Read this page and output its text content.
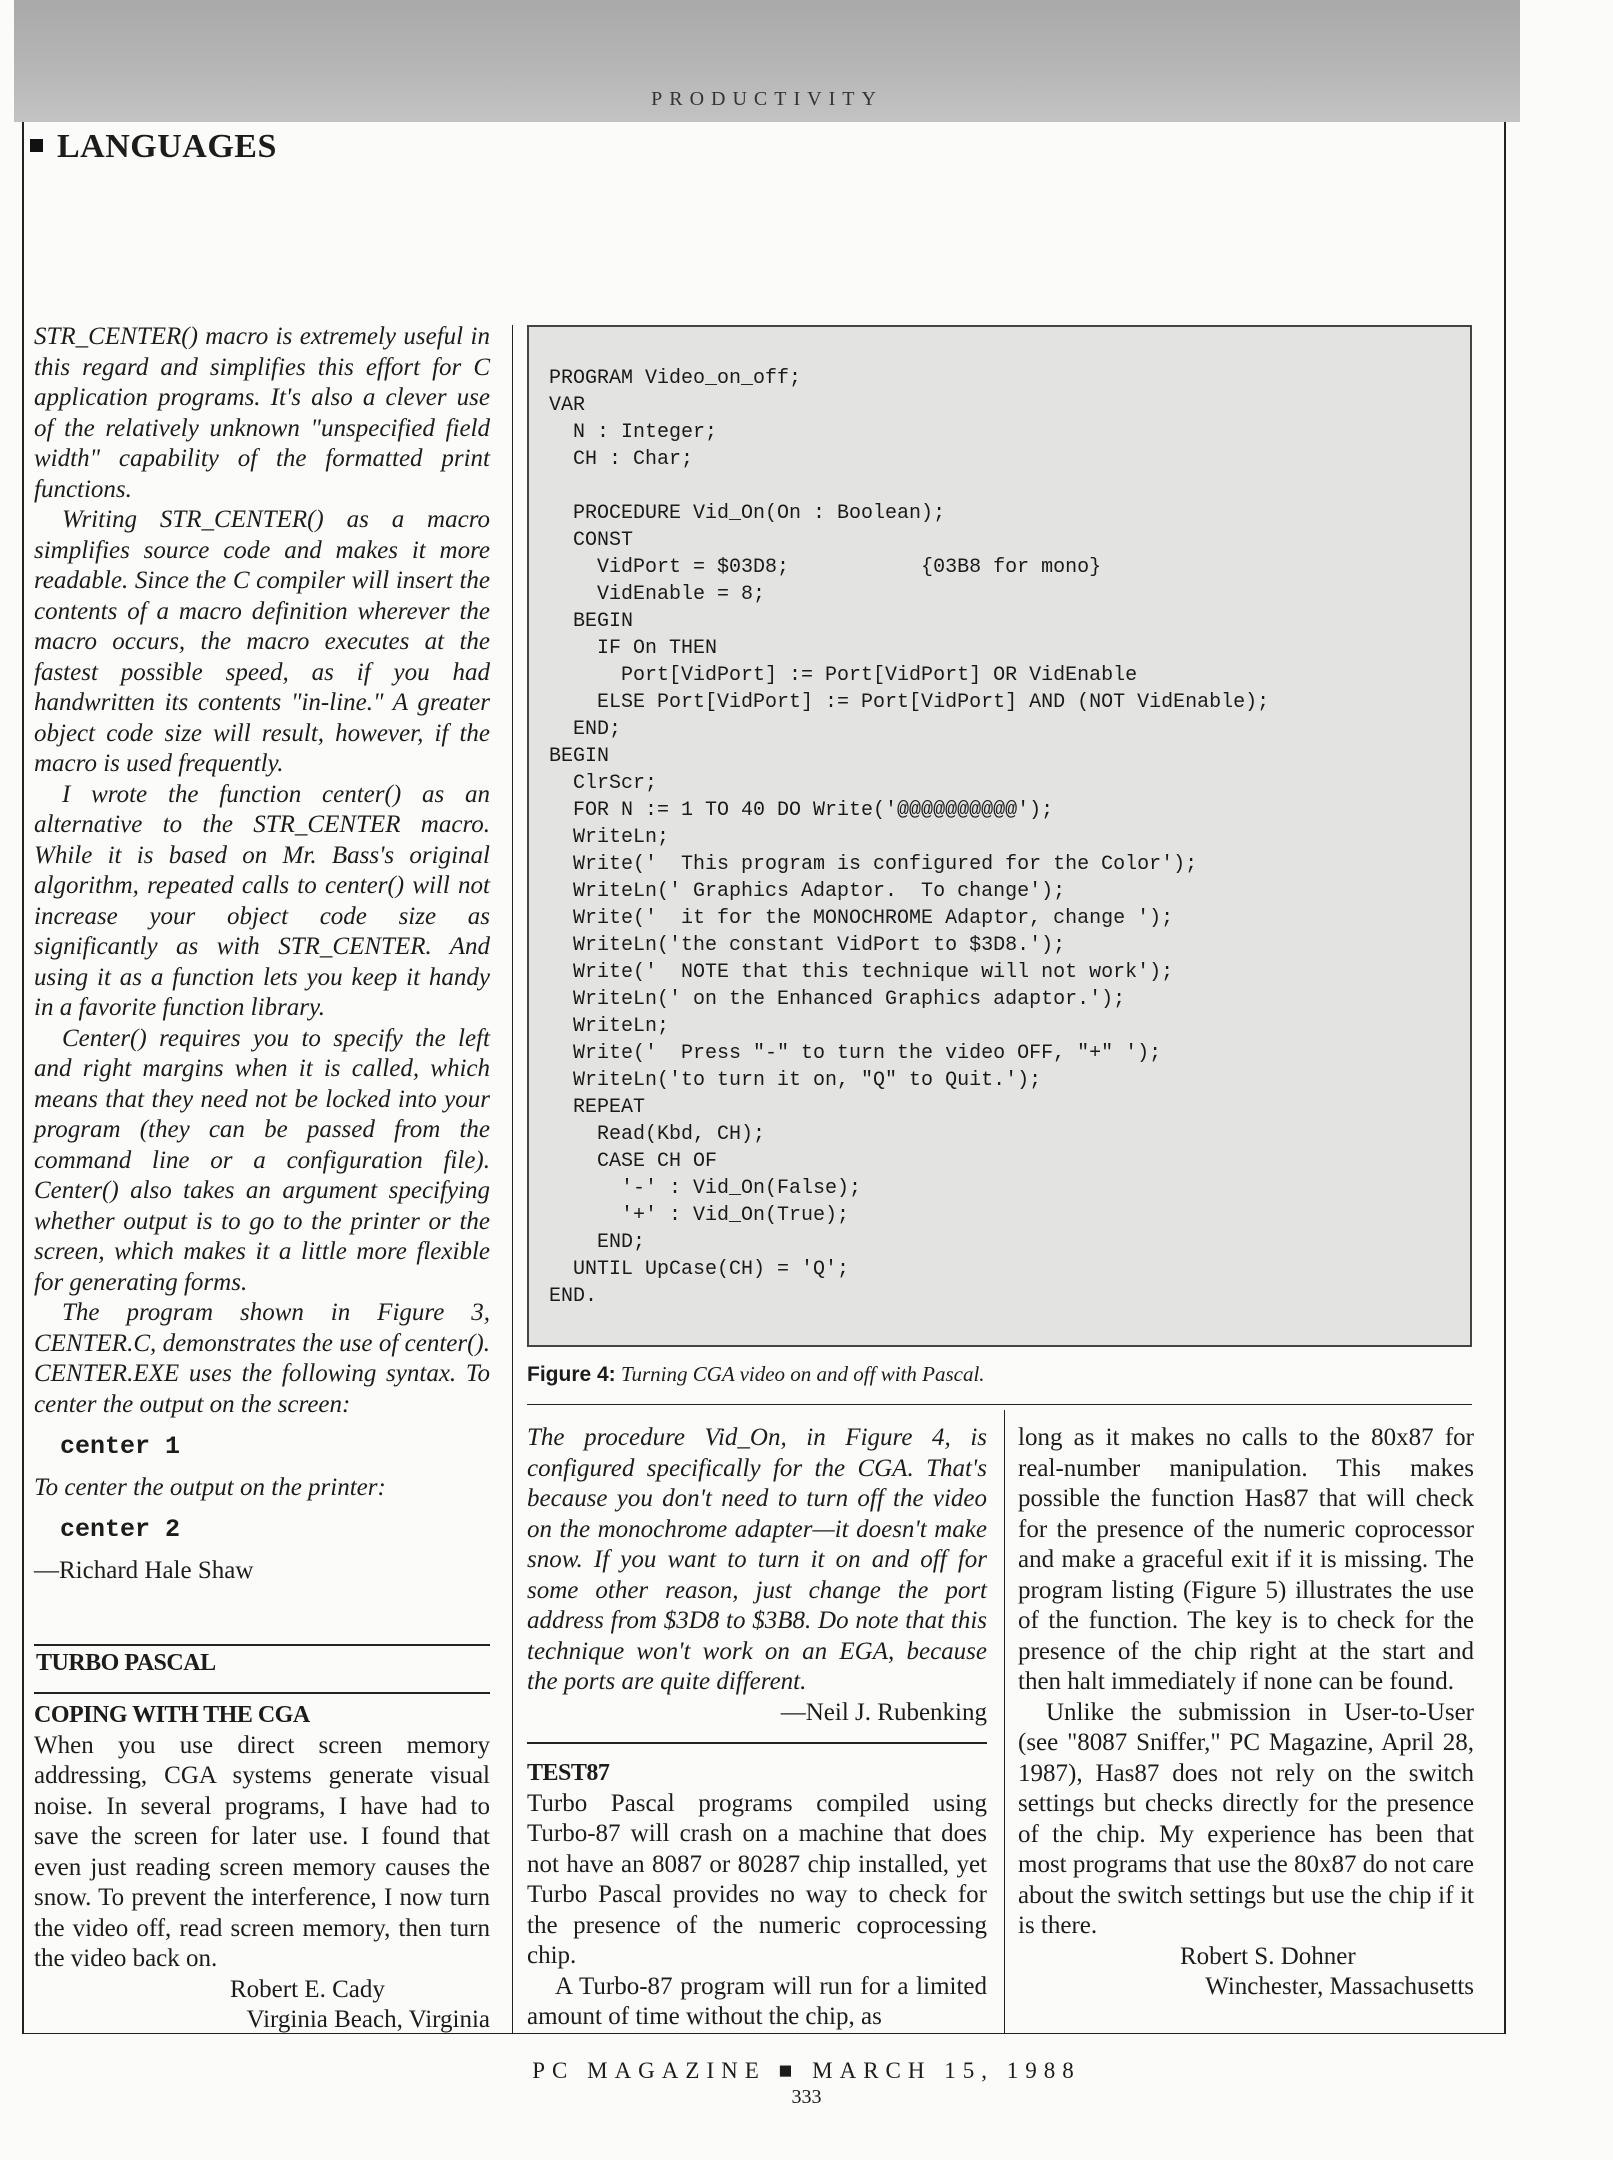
PRODUCTIVITY
LANGUAGES

STR_CENTER() macro is extremely useful in this regard and simplifies this effort for C application programs. It's also a clever use of the relatively unknown "unspecified field width" capability of the formatted print functions.

Writing STR_CENTER() as a macro simplifies source code and makes it more readable. Since the C compiler will insert the contents of a macro definition wherever the macro occurs, the macro executes at the fastest possible speed, as if you had handwritten its contents "in-line." A greater object code size will result, however, if the macro is used frequently.

I wrote the function center() as an alternative to the STR_CENTER macro. While it is based on Mr. Bass's original algorithm, repeated calls to center() will not increase your object code size as significantly as with STR_CENTER. And using it as a function lets you keep it handy in a favorite function library.

Center() requires you to specify the left and right margins when it is called, which means that they need not be locked into your program (they can be passed from the command line or a configuration file). Center() also takes an argument specifying whether output is to go to the printer or the screen, which makes it a little more flexible for generating forms.

The program shown in Figure 3, CENTER.C, demonstrates the use of center(). CENTER.EXE uses the following syntax. To center the output on the screen:

center 1

To center the output on the printer:

center 2

—Richard Hale Shaw

TURBO PASCAL

COPING WITH THE CGA

When you use direct screen memory addressing, CGA systems generate visual noise. In several programs, I have had to save the screen for later use. I found that even just reading screen memory causes the snow. To prevent the interference, I now turn the video off, read screen memory, then turn the video back on.

Robert E. Cady

Virginia Beach, Virginia

PROGRAM Video_on_off;
VAR
N : Integer;
CH : Char;

PROCEDURE Vid_On(On : Boolean);
CONST
VidPort = $03D8;           {03B8 for mono}
VidEnable = 8;
BEGIN
IF On THEN
Port[VidPort] := Port[VidPort] OR VidEnable
ELSE Port[VidPort] := Port[VidPort] AND (NOT VidEnable);
END;
BEGIN
ClrScr;
FOR N := 1 TO 40 DO Write('@@@@@@@@@@');
WriteLn;
Write('  This program is configured for the Color');
WriteLn(' Graphics Adaptor.  To change');
Write('  it for the MONOCHROME Adaptor, change ');
WriteLn('the constant VidPort to $3D8.');
Write('  NOTE that this technique will not work');
WriteLn(' on the Enhanced Graphics adaptor.');
WriteLn;
Write('  Press "-" to turn the video OFF, "+" ');
WriteLn('to turn it on, "Q" to Quit.');
REPEAT
Read(Kbd, CH);
CASE CH OF
'-' : Vid_On(False);
'+' : Vid_On(True);
END;
UNTIL UpCase(CH) = 'Q';
END.
Figure 4: Turning CGA video on and off with Pascal.

The procedure Vid_On, in Figure 4, is configured specifically for the CGA. That's because you don't need to turn off the video on the monochrome adapter—it doesn't make snow. If you want to turn it on and off for some other reason, just change the port address from $3D8 to $3B8. Do note that this technique won't work on an EGA, because the ports are quite different.

—Neil J. Rubenking

TEST87

Turbo Pascal programs compiled using Turbo-87 will crash on a machine that does not have an 8087 or 80287 chip installed, yet Turbo Pascal provides no way to check for the presence of the numeric coprocessing chip.

A Turbo-87 program will run for a limited amount of time without the chip, as

long as it makes no calls to the 80x87 for real-number manipulation. This makes possible the function Has87 that will check for the presence of the numeric coprocessor and make a graceful exit if it is missing. The program listing (Figure 5) illustrates the use of the function. The key is to check for the presence of the chip right at the start and then halt immediately if none can be found.

Unlike the submission in User-to-User (see "8087 Sniffer," PC Magazine, April 28, 1987), Has87 does not rely on the switch settings but checks directly for the presence of the chip. My experience has been that most programs that use the 80x87 do not care about the switch settings but use the chip if it is there.

Robert S. Dohner

Winchester, Massachusetts

PC MAGAZINE ■ MARCH 15, 1988
333
